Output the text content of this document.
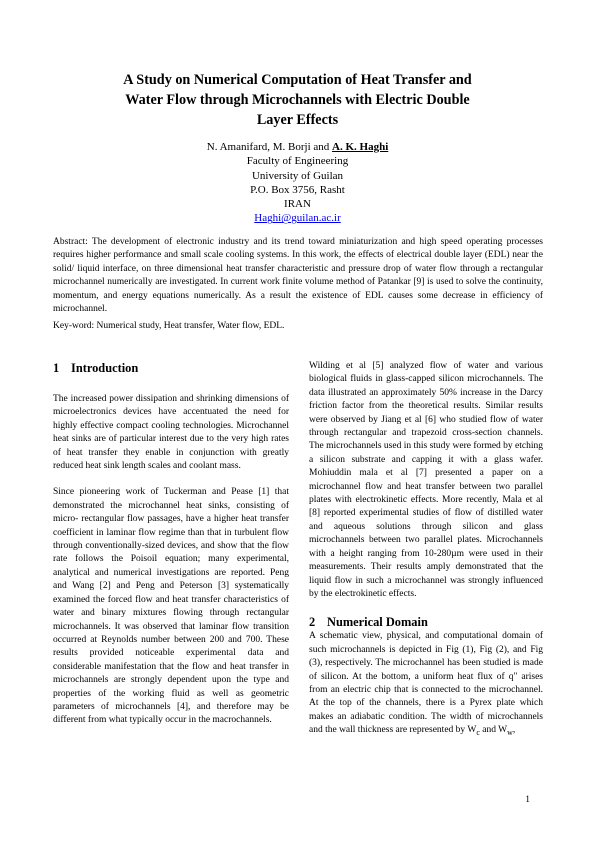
A Study on Numerical Computation of Heat Transfer and
Water Flow through Microchannels with Electric Double
Layer Effects
N. Amanifard, M. Borji and A. K. Haghi
Faculty of Engineering
University of Guilan
P.O. Box 3756, Rasht
IRAN
Haghi@guilan.ac.ir

Abstract: The development of electronic industry and its trend toward miniaturization and high speed operating processes requires higher performance and small scale cooling systems. In this work, the effects of electrical double layer (EDL) near the solid/ liquid interface, on three dimensional heat transfer characteristic and pressure drop of water flow through a rectangular microchannel numerically are investigated. In current work finite volume method of Patankar [9] is used to solve the continuity, momentum, and energy equations numerically. As a result the existence of EDL causes some decrease in efficiency of microchannel.

Key-word: Numerical study, Heat transfer, Water flow, EDL.

1 Introduction

The increased power dissipation and shrinking dimensions of microelectronics devices have accentuated the need for highly effective compact cooling technologies. Microchannel heat sinks are of particular interest due to the very high rates of heat transfer they enable in conjunction with greatly reduced heat sink length scales and coolant mass.

Since pioneering work of Tuckerman and Pease [1] that demonstrated the microchannel heat sinks, consisting of micro- rectangular flow passages, have a higher heat transfer coefficient in laminar flow regime than that in turbulent flow through conventionally-sized devices, and show that the flow rate follows the Poisoil equation; many experimental, analytical and numerical investigations are reported. Peng and Wang [2] and Peng and Peterson [3] systematically examined the forced flow and heat transfer characteristics of water and binary mixtures flowing through rectangular microchannels. It was observed that laminar flow transition occurred at Reynolds number between 200 and 700. These results provided noticeable experimental data and considerable manifestation that the flow and heat transfer in microchannels are strongly dependent upon the type and properties of the working fluid as well as geometric parameters of microchannels [4], and therefore may be different from what typically occur in the macrochannels.

Wilding et al [5] analyzed flow of water and various biological fluids in glass-capped silicon microchannels. The data illustrated an approximately 50% increase in the Darcy friction factor from the theoretical results. Similar results were observed by Jiang et al [6] who studied flow of water through rectangular and trapezoid cross-section channels. The microchannels used in this study were formed by etching a silicon substrate and capping it with a glass wafer. Mohiuddin mala et al [7] presented a paper on a microchannel flow and heat transfer between two parallel plates with electrokinetic effects. More recently, Mala et al [8] reported experimental studies of flow of distilled water and aqueous solutions through silicon and glass microchannels between two parallel plates. Microchannels with a height ranging from 10-280µm were used in their measurements. Their results amply demonstrated that the liquid flow in such a microchannel was strongly influenced by the electrokinetic effects.

2 Numerical Domain

A schematic view, physical, and computational domain of such microchannels is depicted in Fig (1), Fig (2), and Fig (3), respectively. The microchannel has been studied is made of silicon. At the bottom, a uniform heat flux of q" arises from an electric chip that is connected to the microchannel. At the top of the channels, there is a Pyrex plate which makes an adiabatic condition. The width of microchannels and the wall thickness are represented by $W_c$ and $W_w$,

1
